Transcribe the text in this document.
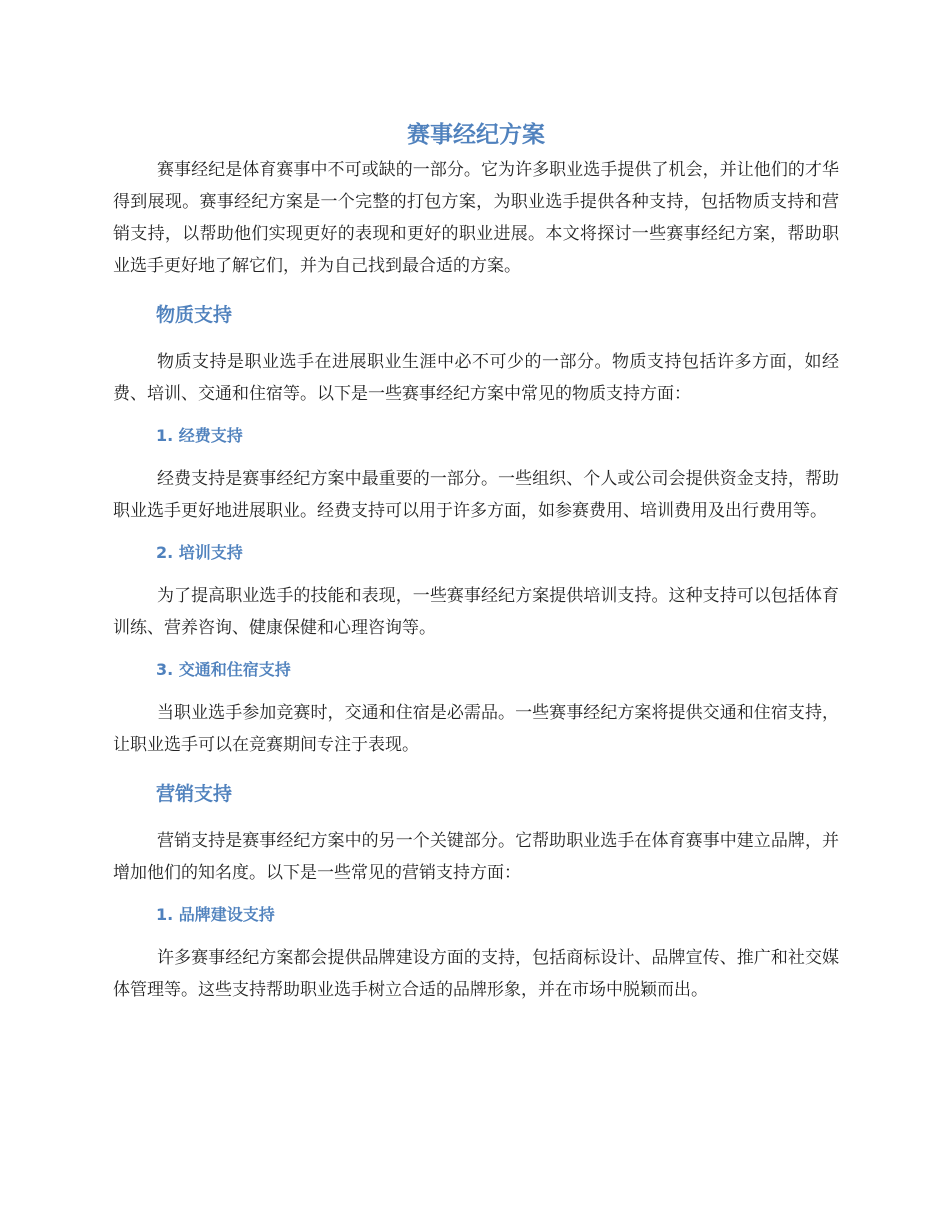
赛事经纪方案

赛事经纪是体育赛事中不可或缺的一部分。它为许多职业选手提供了机会，并让他们的才华得到展现。赛事经纪方案是一个完整的打包方案，为职业选手提供各种支持，包括物质支持和营销支持，以帮助他们实现更好的表现和更好的职业进展。本文将探讨一些赛事经纪方案，帮助职业选手更好地了解它们，并为自己找到最合适的方案。

物质支持

物质支持是职业选手在进展职业生涯中必不可少的一部分。物质支持包括许多方面，如经费、培训、交通和住宿等。以下是一些赛事经纪方案中常见的物质支持方面：

1. 经费支持

经费支持是赛事经纪方案中最重要的一部分。一些组织、个人或公司会提供资金支持，帮助职业选手更好地进展职业。经费支持可以用于许多方面，如参赛费用、培训费用及出行费用等。

2. 培训支持

为了提高职业选手的技能和表现，一些赛事经纪方案提供培训支持。这种支持可以包括体育训练、营养咨询、健康保健和心理咨询等。

3. 交通和住宿支持

当职业选手参加竞赛时，交通和住宿是必需品。一些赛事经纪方案将提供交通和住宿支持，让职业选手可以在竞赛期间专注于表现。

营销支持

营销支持是赛事经纪方案中的另一个关键部分。它帮助职业选手在体育赛事中建立品牌，并增加他们的知名度。以下是一些常见的营销支持方面：

1. 品牌建设支持

许多赛事经纪方案都会提供品牌建设方面的支持，包括商标设计、品牌宣传、推广和社交媒体管理等。这些支持帮助职业选手树立合适的品牌形象，并在市场中脱颖而出。
